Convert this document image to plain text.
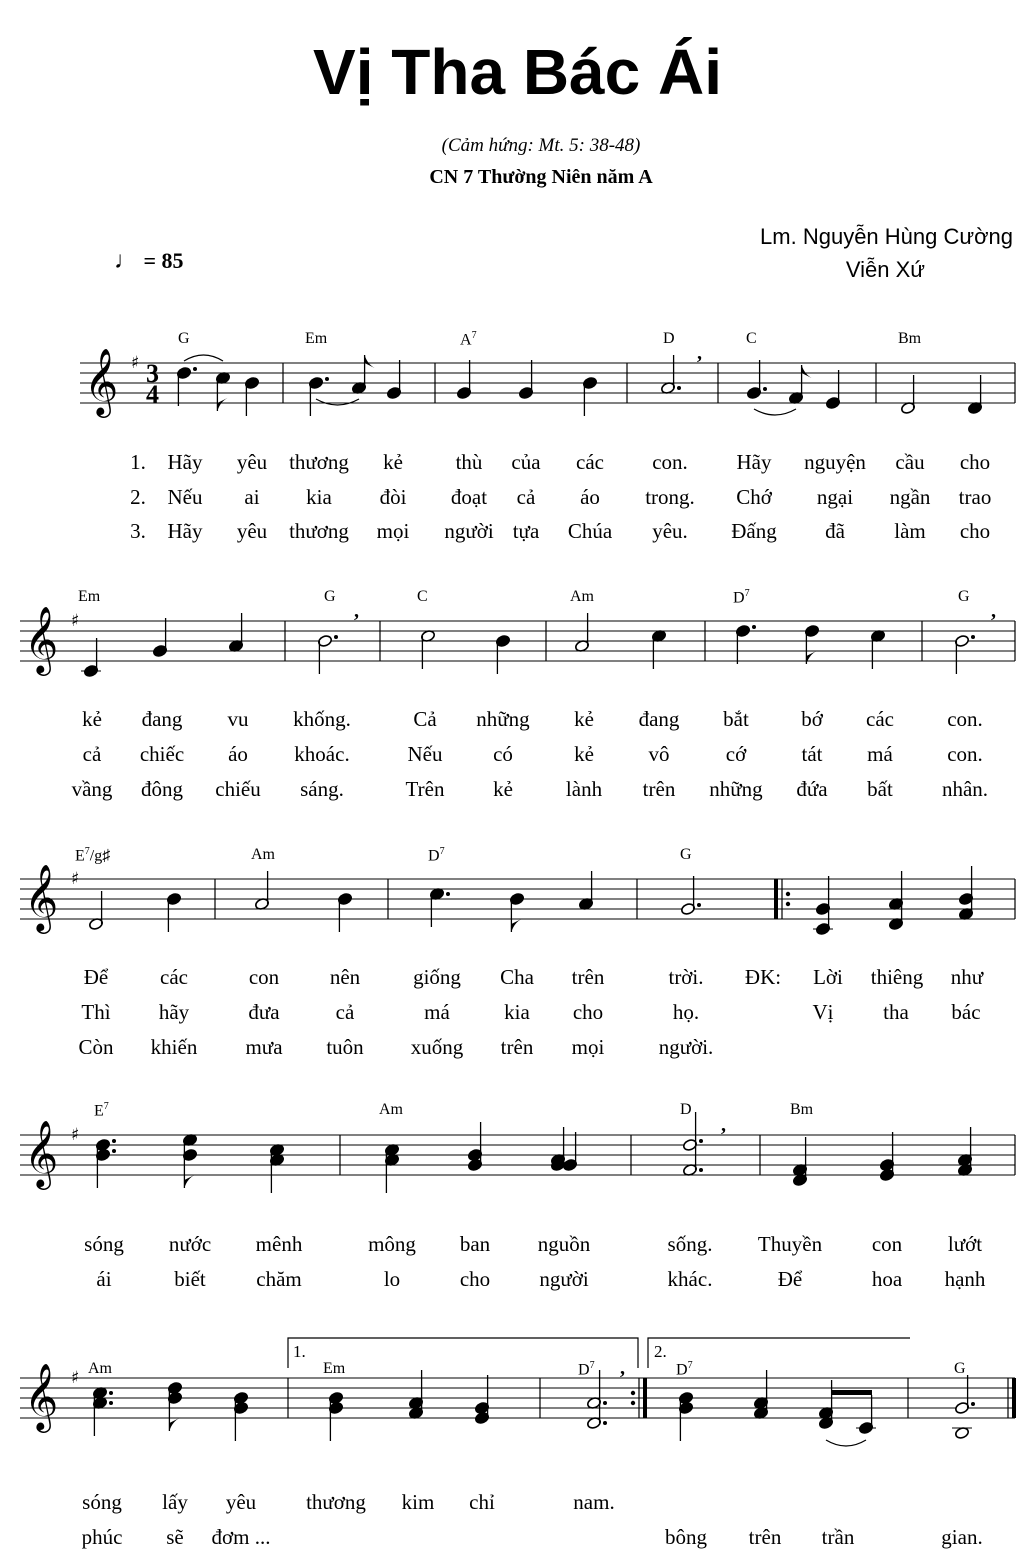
Vị Tha Bác Ái
(Cảm hứng: Mt. 5: 38-48)
CN 7 Thường Niên năm A
Lm. Nguyễn Hùng Cường
Viễn Xứ
♩ = 85
G	Em	$A^7$	D	C	Bm
Em	G	C	Am	$D^7$	G
$E^7/g♯$	Am	$D^7$	G
$E^7$	Am	D	Bm
Am	Em	$D^7$	$D^7$	G
1.	2.
𝄞 ♯ 3
4
,
𝄞 ♯	,	,
𝄞 ♯
𝄞 ♯	,
𝄞 ♯	,
1. Hãy yêu thương kẻ	thù của các con. Hãy nguyện cầu cho
2. Nếu ai kia đòi đoạt cả áo trong. Chớ ngại ngần trao
3. Hãy yêu thương mọi người tựa Chúa yêu. Đấng đã làm cho
kẻ đang vu khống.	Cả những kẻ đang bắt bớ các	con.
cả chiếc áo khoác.	Nếu có	kẻ	vô	cớ	tát má	con.
vầng đông chiếu sáng.	Trên kẻ	lành trên những đứa bất nhân.
Để các	con nên	giống Cha trên	trời. ĐK: Lời thiêng như
Thì hãy	đưa	cả	má	kia cho	họ.	Vị tha bác
Còn khiến mưa tuôn xuống trên mọi	người.
sóng nước mênh	mông ban nguồn	sống. Thuyền con lướt
ái	biết chăm	lo	cho người	khác.	Để	hoa hạnh
sóng lấy yêu thương kim chỉ	nam.
phúc sẽ đơm ...	bông trên trần	gian.
